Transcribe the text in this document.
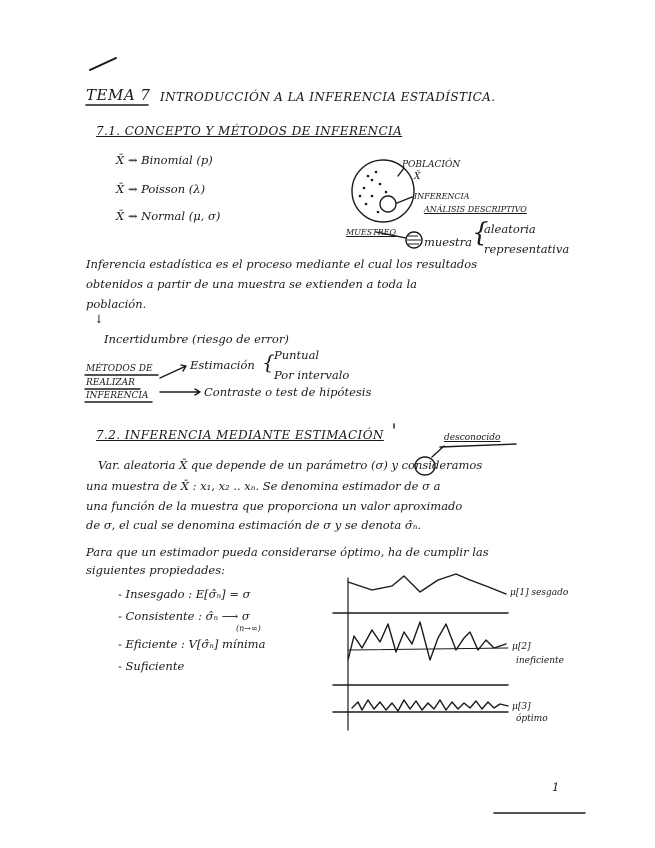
TEMA 7 INTRODUCCIÓN A LA INFERENCIA ESTADÍSTICA.
7.1. CONCEPTO Y MÉTODOS DE INFERENCIA
X̄ ⇝ Binomial (p)
X̄ ⇝ Poisson (λ)
X̄ ⇝ Normal (μ, σ)
POBLACIÓN
X̄
INFERENCIA
ANÁLISIS DESCRIPTIVO
MUESTREO
muestra {
aleatoria
representativa
Inferencia estadística es el proceso mediante el cual los resultados
obtenidos a partir de una muestra se extienden a toda la
población.
↓
Incertidumbre (riesgo de error)
MÉTODOS DE
REALIZAR
INFERENCIA
Estimación { Puntual
Por intervalo
Contraste o test de hipótesis
7.2. INFERENCIA MEDIANTE ESTIMACIÓN	desconocido
Var. aleatoria X̄ que depende de un parámetro (σ) y consideramos
una muestra de X̄ : x₁, x₂ .. xₙ. Se denomina estimador de σ a
una función de la muestra que proporciona un valor aproximado
de σ, el cual se denomina estimación de σ y se denota σ̂ₙ.
Para que un estimador pueda considerarse óptimo, ha de cumplir las
siguientes propiedades:
- Insesgado : E[σ̂ₙ] = σ
- Consistente : σ̂ₙ ⟶ σ
(n→∞)
- Eficiente : V[σ̂ₙ] mínima
- Suficiente
μ[1] sesgado
μ[2]
ineficiente
μ[3]
óptimo
1
